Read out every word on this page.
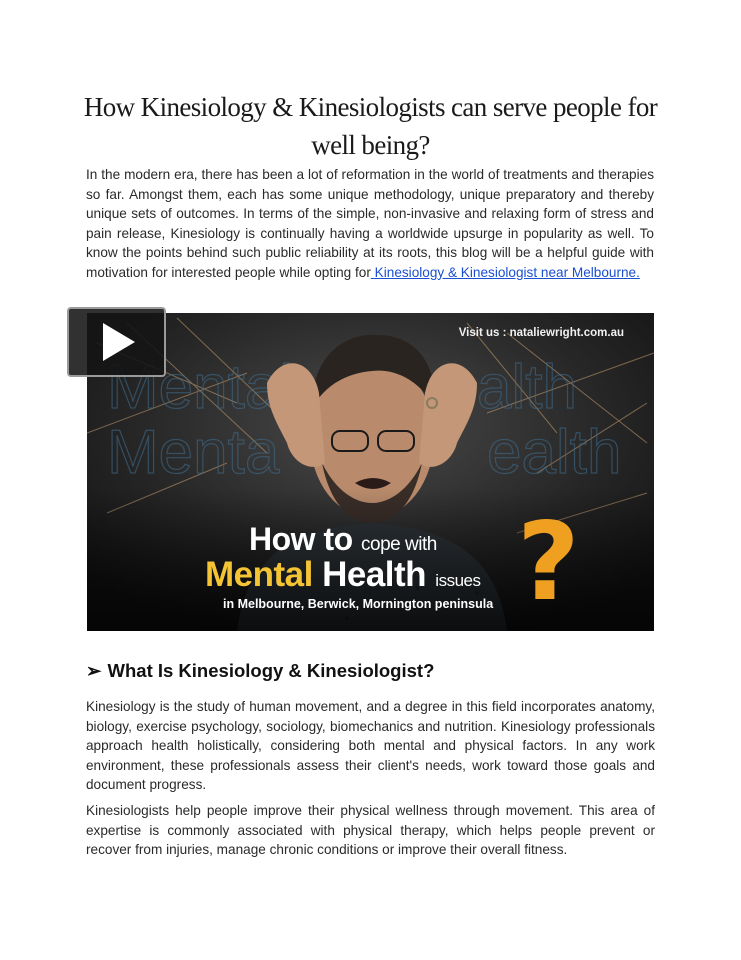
How Kinesiology & Kinesiologists can serve people for
well being?
In the modern era, there has been a lot of reformation in the world of treatments and therapies so far. Amongst them, each has some unique methodology, unique preparatory and thereby unique sets of outcomes. In terms of the simple, non-invasive and relaxing form of stress and pain release, Kinesiology is continually having a worldwide upsurge in popularity as well. To know the points behind such public reliability at its roots, this blog will be a helpful guide with motivation for interested people while opting for Kinesiology & Kinesiologist near Melbourne.
Visit us : nataliewright.com.au
How to cope with
Mental Health issues ?
in Melbourne, Berwick, Mornington peninsula
➢ What Is Kinesiology & Kinesiologist?
Kinesiology is the study of human movement, and a degree in this field incorporates anatomy, biology, exercise psychology, sociology, biomechanics and nutrition. Kinesiology professionals approach health holistically, considering both mental and physical factors. In any work environment, these professionals assess their client's needs, work toward those goals and document progress.
Kinesiologists help people improve their physical wellness through movement. This area of expertise is commonly associated with physical therapy, which helps people prevent or recover from injuries, manage chronic conditions or improve their overall fitness.
